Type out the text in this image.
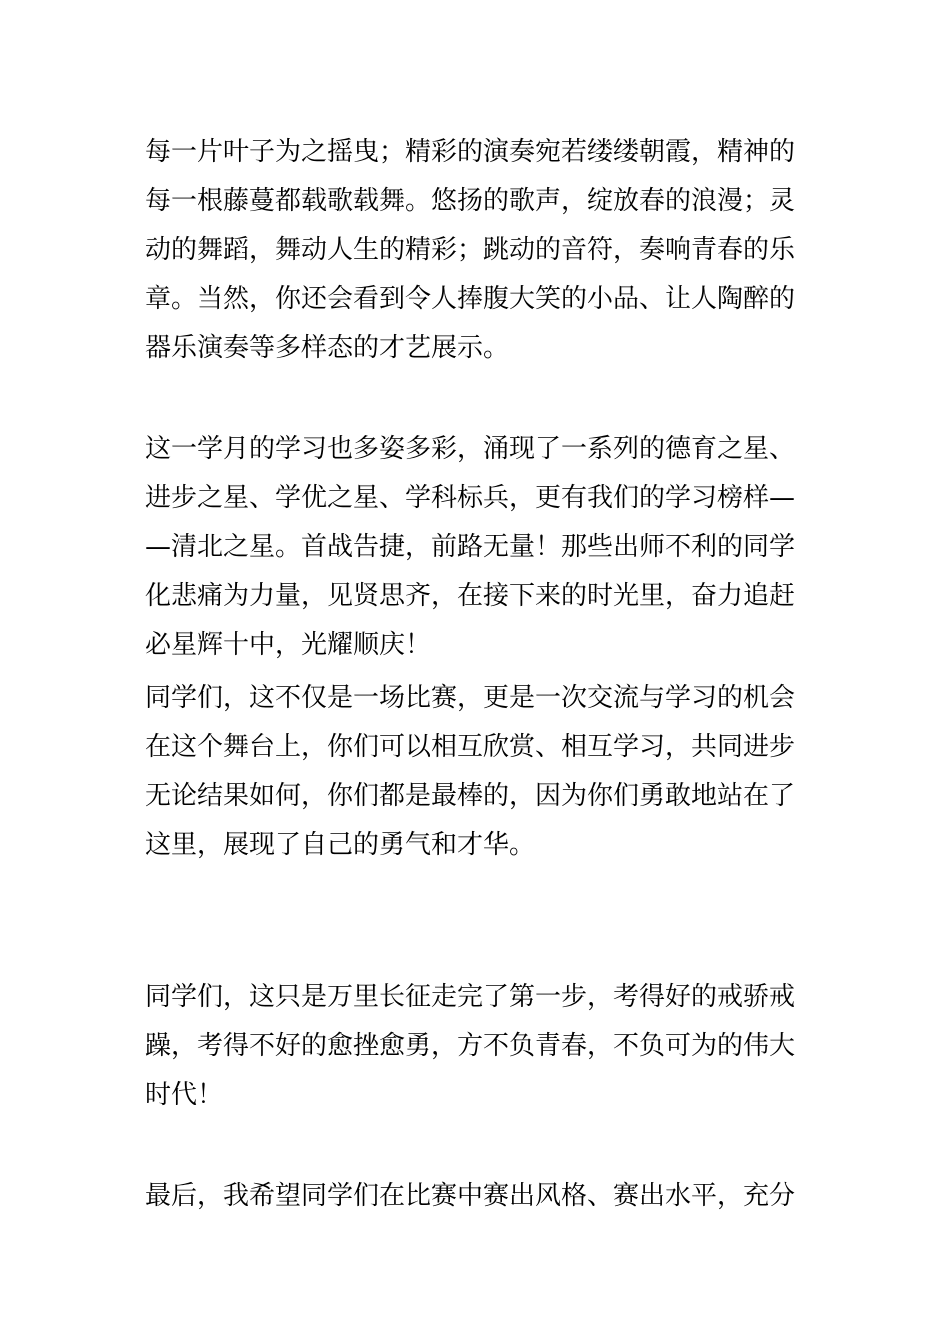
每一片叶子为之摇曳；精彩的演奏宛若缕缕朝霞，精神的
每一根藤蔓都载歌载舞。悠扬的歌声，绽放春的浪漫；灵
动的舞蹈，舞动人生的精彩；跳动的音符，奏响青春的乐
章。当然，你还会看到令人捧腹大笑的小品、让人陶醉的
器乐演奏等多样态的才艺展示。
这一学月的学习也多姿多彩，涌现了一系列的德育之星、
进步之星、学优之星、学科标兵，更有我们的学习榜样—
—清北之星。首战告捷，前路无量！那些出师不利的同学
化悲痛为力量，见贤思齐，在接下来的时光里，奋力追赶
必星辉十中，光耀顺庆！
同学们，这不仅是一场比赛，更是一次交流与学习的机会
在这个舞台上，你们可以相互欣赏、相互学习，共同进步
无论结果如何，你们都是最棒的，因为你们勇敢地站在了
这里，展现了自己的勇气和才华。
同学们，这只是万里长征走完了第一步，考得好的戒骄戒
躁，考得不好的愈挫愈勇，方不负青春，不负可为的伟大
时代！
最后，我希望同学们在比赛中赛出风格、赛出水平，充分
